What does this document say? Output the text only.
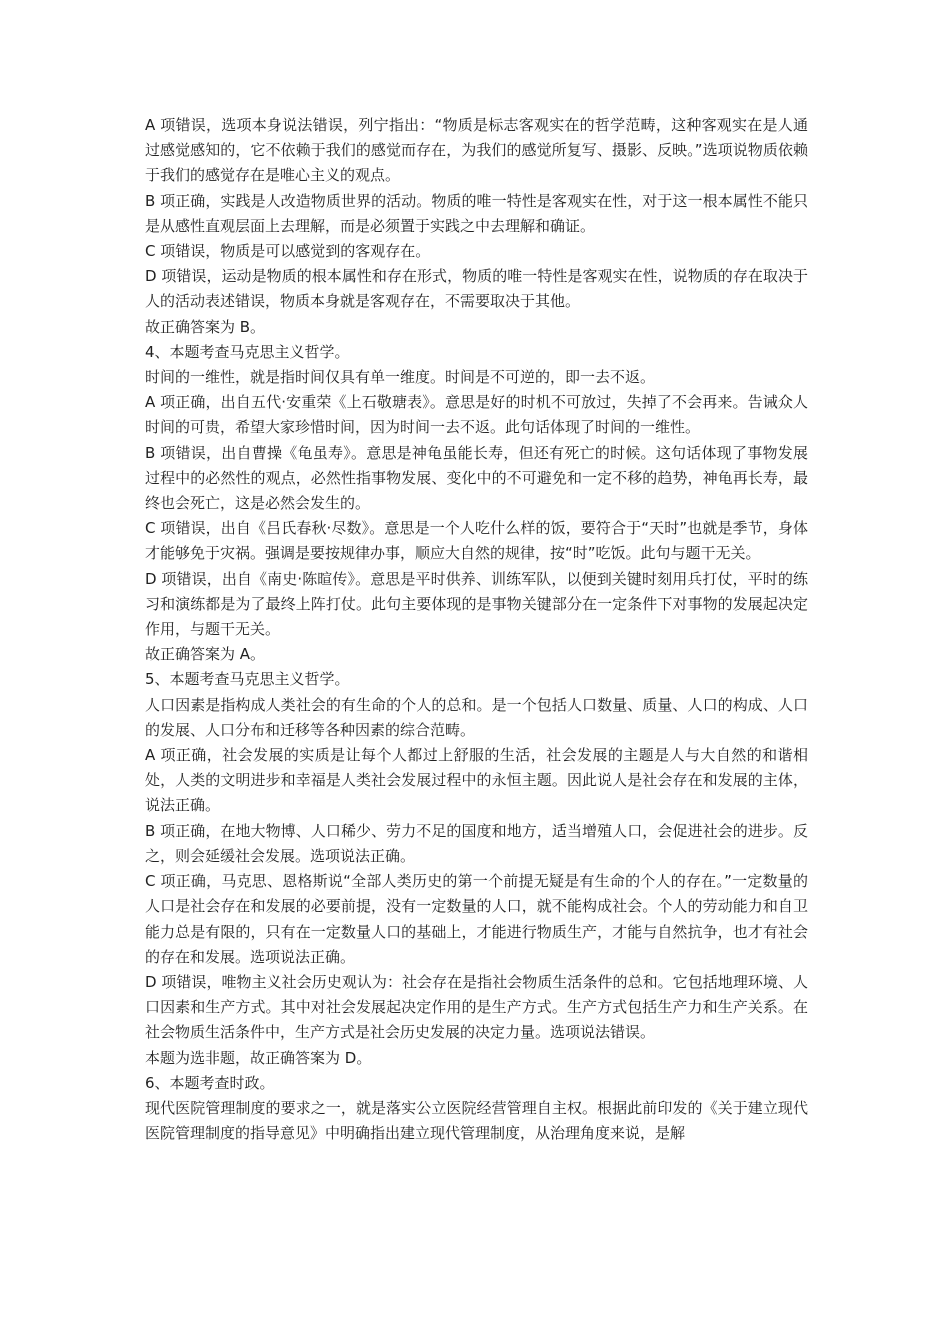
A 项错误，选项本身说法错误，列宁指出：“物质是标志客观实在的哲学范畴，这种客观实在是人通过感觉感知的，它不依赖于我们的感觉而存在，为我们的感觉所复写、摄影、反映。”选项说物质依赖于我们的感觉存在是唯心主义的观点。

B 项正确，实践是人改造物质世界的活动。物质的唯一特性是客观实在性，对于这一根本属性不能只是从感性直观层面上去理解，而是必须置于实践之中去理解和确证。

C 项错误，物质是可以感觉到的客观存在。

D 项错误，运动是物质的根本属性和存在形式，物质的唯一特性是客观实在性，说物质的存在取决于人的活动表述错误，物质本身就是客观存在，不需要取决于其他。

故正确答案为 B。

4、本题考查马克思主义哲学。

时间的一维性，就是指时间仅具有单一维度。时间是不可逆的，即一去不返。

A 项正确，出自五代·安重荣《上石敬瑭表》。意思是好的时机不可放过，失掉了不会再来。告诫众人时间的可贵，希望大家珍惜时间，因为时间一去不返。此句话体现了时间的一维性。

B 项错误，出自曹操《龟虽寿》。意思是神龟虽能长寿，但还有死亡的时候。这句话体现了事物发展过程中的必然性的观点，必然性指事物发展、变化中的不可避免和一定不移的趋势，神龟再长寿，最终也会死亡，这是必然会发生的。

C 项错误，出自《吕氏春秋·尽数》。意思是一个人吃什么样的饭，要符合于“天时”也就是季节，身体才能够免于灾祸。强调是要按规律办事，顺应大自然的规律，按“时”吃饭。此句与题干无关。

D 项错误，出自《南史·陈暄传》。意思是平时供养、训练军队，以便到关键时刻用兵打仗，平时的练习和演练都是为了最终上阵打仗。此句主要体现的是事物关键部分在一定条件下对事物的发展起决定作用，与题干无关。

故正确答案为 A。

5、本题考查马克思主义哲学。

人口因素是指构成人类社会的有生命的个人的总和。是一个包括人口数量、质量、人口的构成、人口的发展、人口分布和迁移等各种因素的综合范畴。

A 项正确，社会发展的实质是让每个人都过上舒服的生活，社会发展的主题是人与大自然的和谐相处，人类的文明进步和幸福是人类社会发展过程中的永恒主题。因此说人是社会存在和发展的主体，说法正确。

B 项正确，在地大物博、人口稀少、劳力不足的国度和地方，适当增殖人口，会促进社会的进步。反之，则会延缓社会发展。选项说法正确。

C 项正确，马克思、恩格斯说“全部人类历史的第一个前提无疑是有生命的个人的存在。”一定数量的人口是社会存在和发展的必要前提，没有一定数量的人口，就不能构成社会。个人的劳动能力和自卫能力总是有限的，只有在一定数量人口的基础上，才能进行物质生产，才能与自然抗争，也才有社会的存在和发展。选项说法正确。

D 项错误，唯物主义社会历史观认为：社会存在是指社会物质生活条件的总和。它包括地理环境、人口因素和生产方式。其中对社会发展起决定作用的是生产方式。生产方式包括生产力和生产关系。在社会物质生活条件中，生产方式是社会历史发展的决定力量。选项说法错误。

本题为选非题，故正确答案为 D。

6、本题考查时政。

现代医院管理制度的要求之一，就是落实公立医院经营管理自主权。根据此前印发的《关于建立现代医院管理制度的指导意见》中明确指出建立现代管理制度，从治理角度来说，是解
